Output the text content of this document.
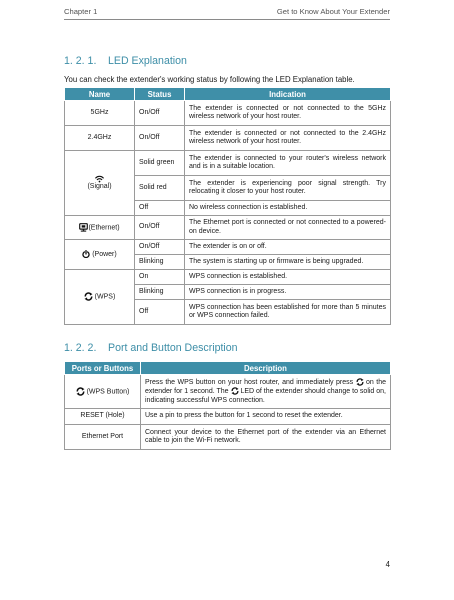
Chapter 1	Get to Know About Your Extender
1. 2. 1. LED Explanation
You can check the extender's working status by following the LED Explanation table.
Name	Status	Indication
5GHz	On/Off	The extender is connected or not connected to the 5GHz wireless network of your host router.
2.4GHz	On/Off	The extender is connected or not connected to the 2.4GHz wireless network of your host router.

(Signal)	Solid green	The extender is connected to your router's wireless network and is in a suitable location.
	Solid red	The extender is experiencing poor signal strength. Try relocating it closer to your host router.
	Off	No wireless connection is established.
(Ethernet)	On/Off	The Ethernet port is connected or not connected to a powered-on device.
(Power)	On/Off	The extender is on or off.
	Blinking	The system is starting up or firmware is being upgraded.
(WPS)	On	WPS connection is established.
	Blinking	WPS connection is in progress.
	Off	WPS connection has been established for more than 5 minutes or WPS connection failed.
1. 2. 2. Port and Button Description
Ports or Buttons	Description
(WPS Button)	Press the WPS button on your host router, and immediately press on the extender for 1 second. The LED of the extender should change to solid on, indicating successful WPS connection.
RESET (Hole)	Use a pin to press the button for 1 second to reset the extender.
Ethernet Port	Connect your device to the Ethernet port of the extender via an Ethernet cable to join the Wi-Fi network.
4
